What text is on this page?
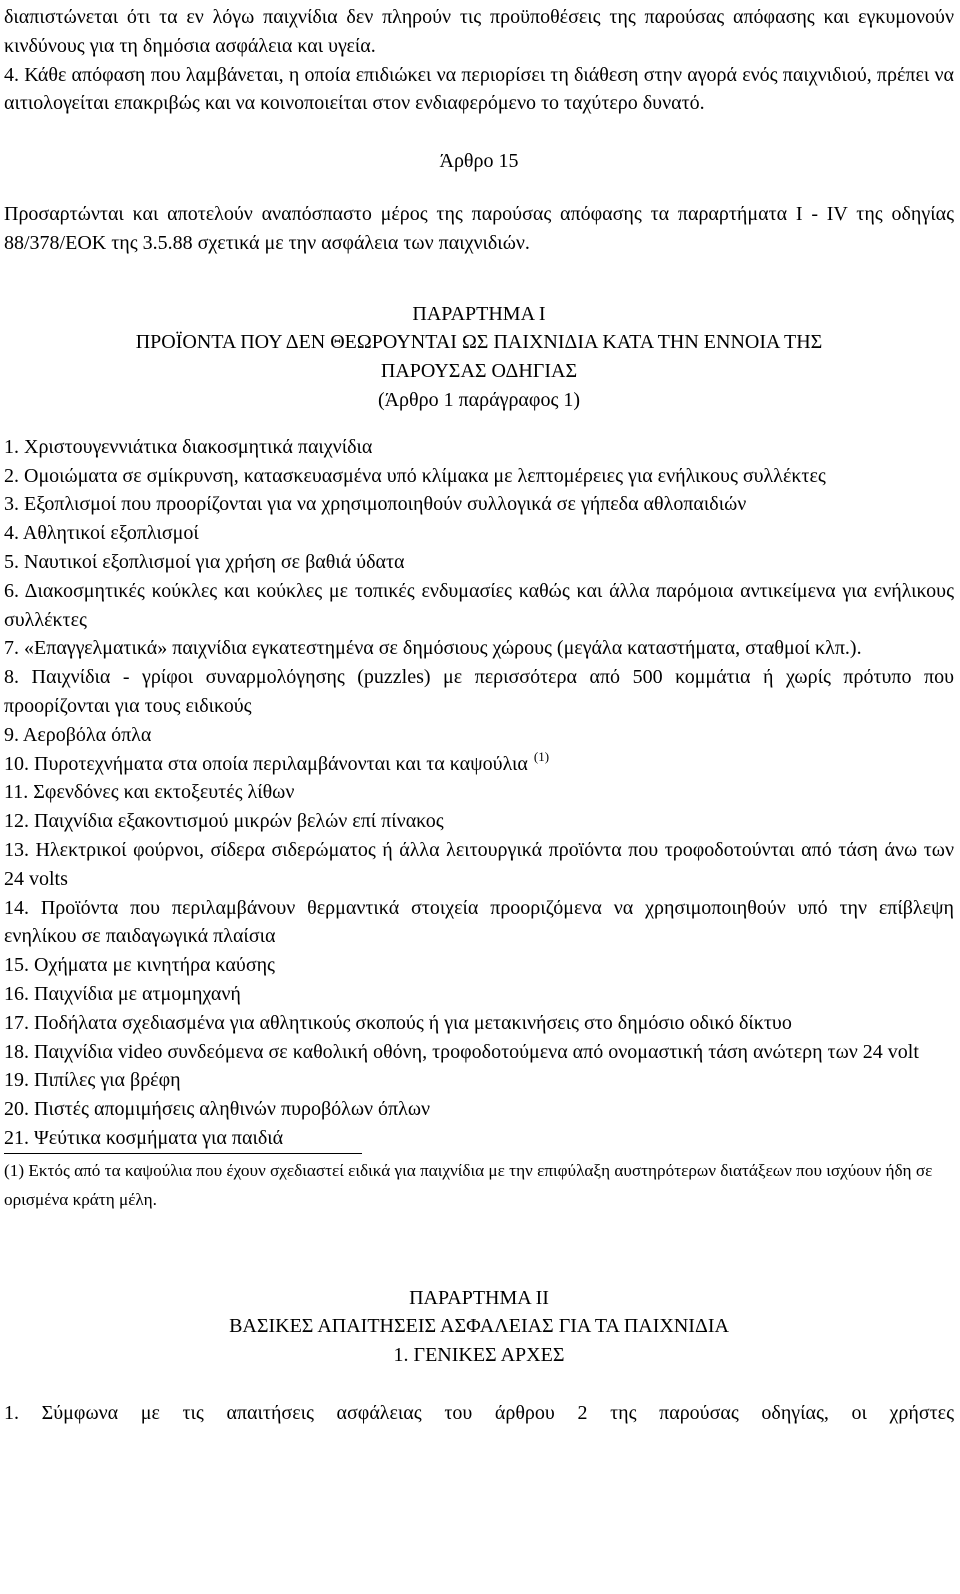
διαπιστώνεται ότι τα εν λόγω παιχνίδια δεν πληρούν τις προϋποθέσεις της παρούσας απόφασης και εγκυμονούν κινδύνους για τη δημόσια ασφάλεια και υγεία.

4. Κάθε απόφαση που λαμβάνεται, η οποία επιδιώκει να περιορίσει τη διάθεση στην αγορά ενός παιχνιδιού, πρέπει να αιτιολογείται επακριβώς και να κοινοποιείται στον ενδιαφερόμενο το ταχύτερο δυνατό.

Άρθρο 15

Προσαρτώνται και αποτελούν αναπόσπαστο μέρος της παρούσας απόφασης τα παραρτήματα Ι - IV της οδηγίας 88/378/ΕΟΚ της 3.5.88 σχετικά με την ασφάλεια των παιχνιδιών.

ΠΑΡΑΡΤΗΜΑ Ι

ΠΡΟΪΟΝΤΑ ΠΟΥ ΔΕΝ ΘΕΩΡΟΥΝΤΑΙ ΩΣ ΠΑΙΧΝΙΔΙΑ ΚΑΤΑ ΤΗΝ ΕΝΝΟΙΑ ΤΗΣ

ΠΑΡΟΥΣΑΣ ΟΔΗΓΙΑΣ

(Άρθρο 1 παράγραφος 1)

1. Χριστουγεννιάτικα διακοσμητικά παιχνίδια

2. Ομοιώματα σε σμίκρυνση, κατασκευασμένα υπό κλίμακα με λεπτομέρειες για ενήλικους συλλέκτες

3. Εξοπλισμοί που προορίζονται για να χρησιμοποιηθούν συλλογικά σε γήπεδα αθλοπαιδιών

4. Αθλητικοί εξοπλισμοί

5. Ναυτικοί εξοπλισμοί για χρήση σε βαθιά ύδατα

6. Διακοσμητικές κούκλες και κούκλες με τοπικές ενδυμασίες καθώς και άλλα παρόμοια αντικείμενα για ενήλικους συλλέκτες

7. «Επαγγελματικά» παιχνίδια εγκατεστημένα σε δημόσιους χώρους (μεγάλα καταστήματα, σταθμοί κλπ.).

8. Παιχνίδια - γρίφοι συναρμολόγησης (puzzles) με περισσότερα από 500 κομμάτια ή χωρίς πρότυπο που προορίζονται για τους ειδικούς

9. Αεροβόλα όπλα

10. Πυροτεχνήματα στα οποία περιλαμβάνονται και τα καψούλια $^{(1)}$

11. Σφενδόνες και εκτοξευτές λίθων

12. Παιχνίδια εξακοντισμού μικρών βελών επί πίνακος

13. Ηλεκτρικοί φούρνοι, σίδερα σιδερώματος ή άλλα λειτουργικά προϊόντα που τροφοδοτούνται από τάση άνω των 24 volts

14. Προϊόντα που περιλαμβάνουν θερμαντικά στοιχεία προοριζόμενα να χρησιμοποιηθούν υπό την επίβλεψη ενηλίκου σε παιδαγωγικά πλαίσια

15. Οχήματα με κινητήρα καύσης

16. Παιχνίδια με ατμομηχανή

17. Ποδήλατα σχεδιασμένα για αθλητικούς σκοπούς ή για μετακινήσεις στο δημόσιο οδικό δίκτυο

18. Παιχνίδια video συνδεόμενα σε καθολική οθόνη, τροφοδοτούμενα από ονομαστική τάση ανώτερη των 24 volt

19. Πιπίλες για βρέφη

20. Πιστές απομιμήσεις αληθινών πυροβόλων όπλων

21. Ψεύτικα κοσμήματα για παιδιά

(1) Εκτός από τα καψούλια που έχουν σχεδιαστεί ειδικά για παιχνίδια με την επιφύλαξη αυστηρότερων διατάξεων που ισχύουν ήδη σε ορισμένα κράτη μέλη.

ΠΑΡΑΡΤΗΜΑ ΙΙ

ΒΑΣΙΚΕΣ ΑΠΑΙΤΗΣΕΙΣ ΑΣΦΑΛΕΙΑΣ ΓΙΑ ΤΑ ΠΑΙΧΝΙΔΙΑ

1. ΓΕΝΙΚΕΣ ΑΡΧΕΣ

1. Σύμφωνα με τις απαιτήσεις ασφάλειας του άρθρου 2 της παρούσας οδηγίας, οι χρήστες
